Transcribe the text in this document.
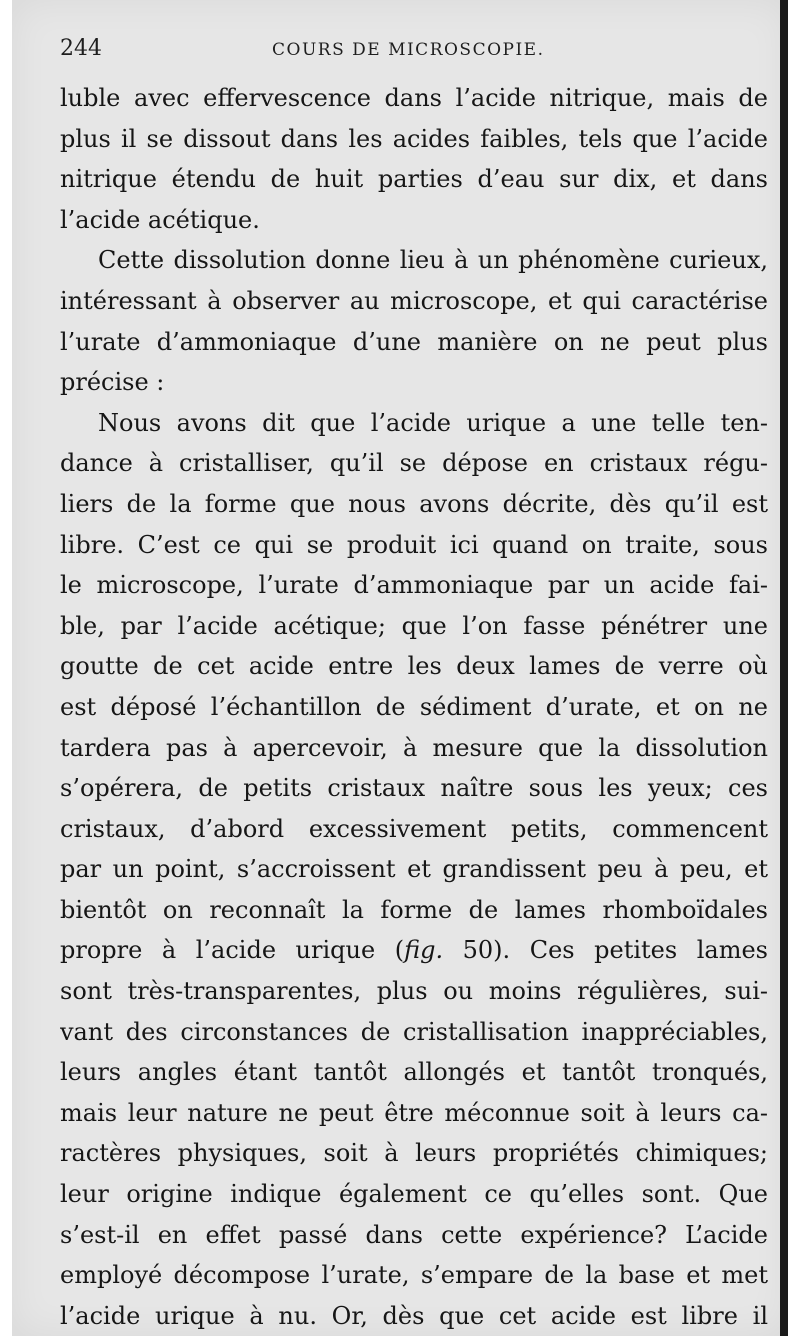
244	COURS DE MICROSCOPIE.
luble avec effervescence dans l’acide nitrique, mais de
plus il se dissout dans les acides faibles, tels que l’acide
nitrique étendu de huit parties d’eau sur dix, et dans
l’acide acétique.
Cette dissolution donne lieu à un phénomène curieux,
intéressant à observer au microscope, et qui caractérise
l’urate d’ammoniaque d’une manière on ne peut plus
précise :
Nous avons dit que l’acide urique a une telle ten-
dance à cristalliser, qu’il se dépose en cristaux régu-
liers de la forme que nous avons décrite, dès qu’il est
libre. C’est ce qui se produit ici quand on traite, sous
le microscope, l’urate d’ammoniaque par un acide fai-
ble, par l’acide acétique; que l’on fasse pénétrer une
goutte de cet acide entre les deux lames de verre où
est déposé l’échantillon de sédiment d’urate, et on ne
tardera pas à apercevoir, à mesure que la dissolution
s’opérera, de petits cristaux naître sous les yeux; ces
cristaux, d’abord excessivement petits, commencent
par un point, s’accroissent et grandissent peu à peu, et
bientôt on reconnaît la forme de lames rhomboïdales
propre à l’acide urique (fig. 50). Ces petites lames
sont très-transparentes, plus ou moins régulières, sui-
vant des circonstances de cristallisation inappréciables,
leurs angles étant tantôt allongés et tantôt tronqués,
mais leur nature ne peut être méconnue soit à leurs ca-
ractères physiques, soit à leurs propriétés chimiques;
leur origine indique également ce qu’elles sont. Que
s’est-il en effet passé dans cette expérience? L’acide
employé décompose l’urate, s’empare de la base et met
l’acide urique à nu. Or, dès que cet acide est libre il
